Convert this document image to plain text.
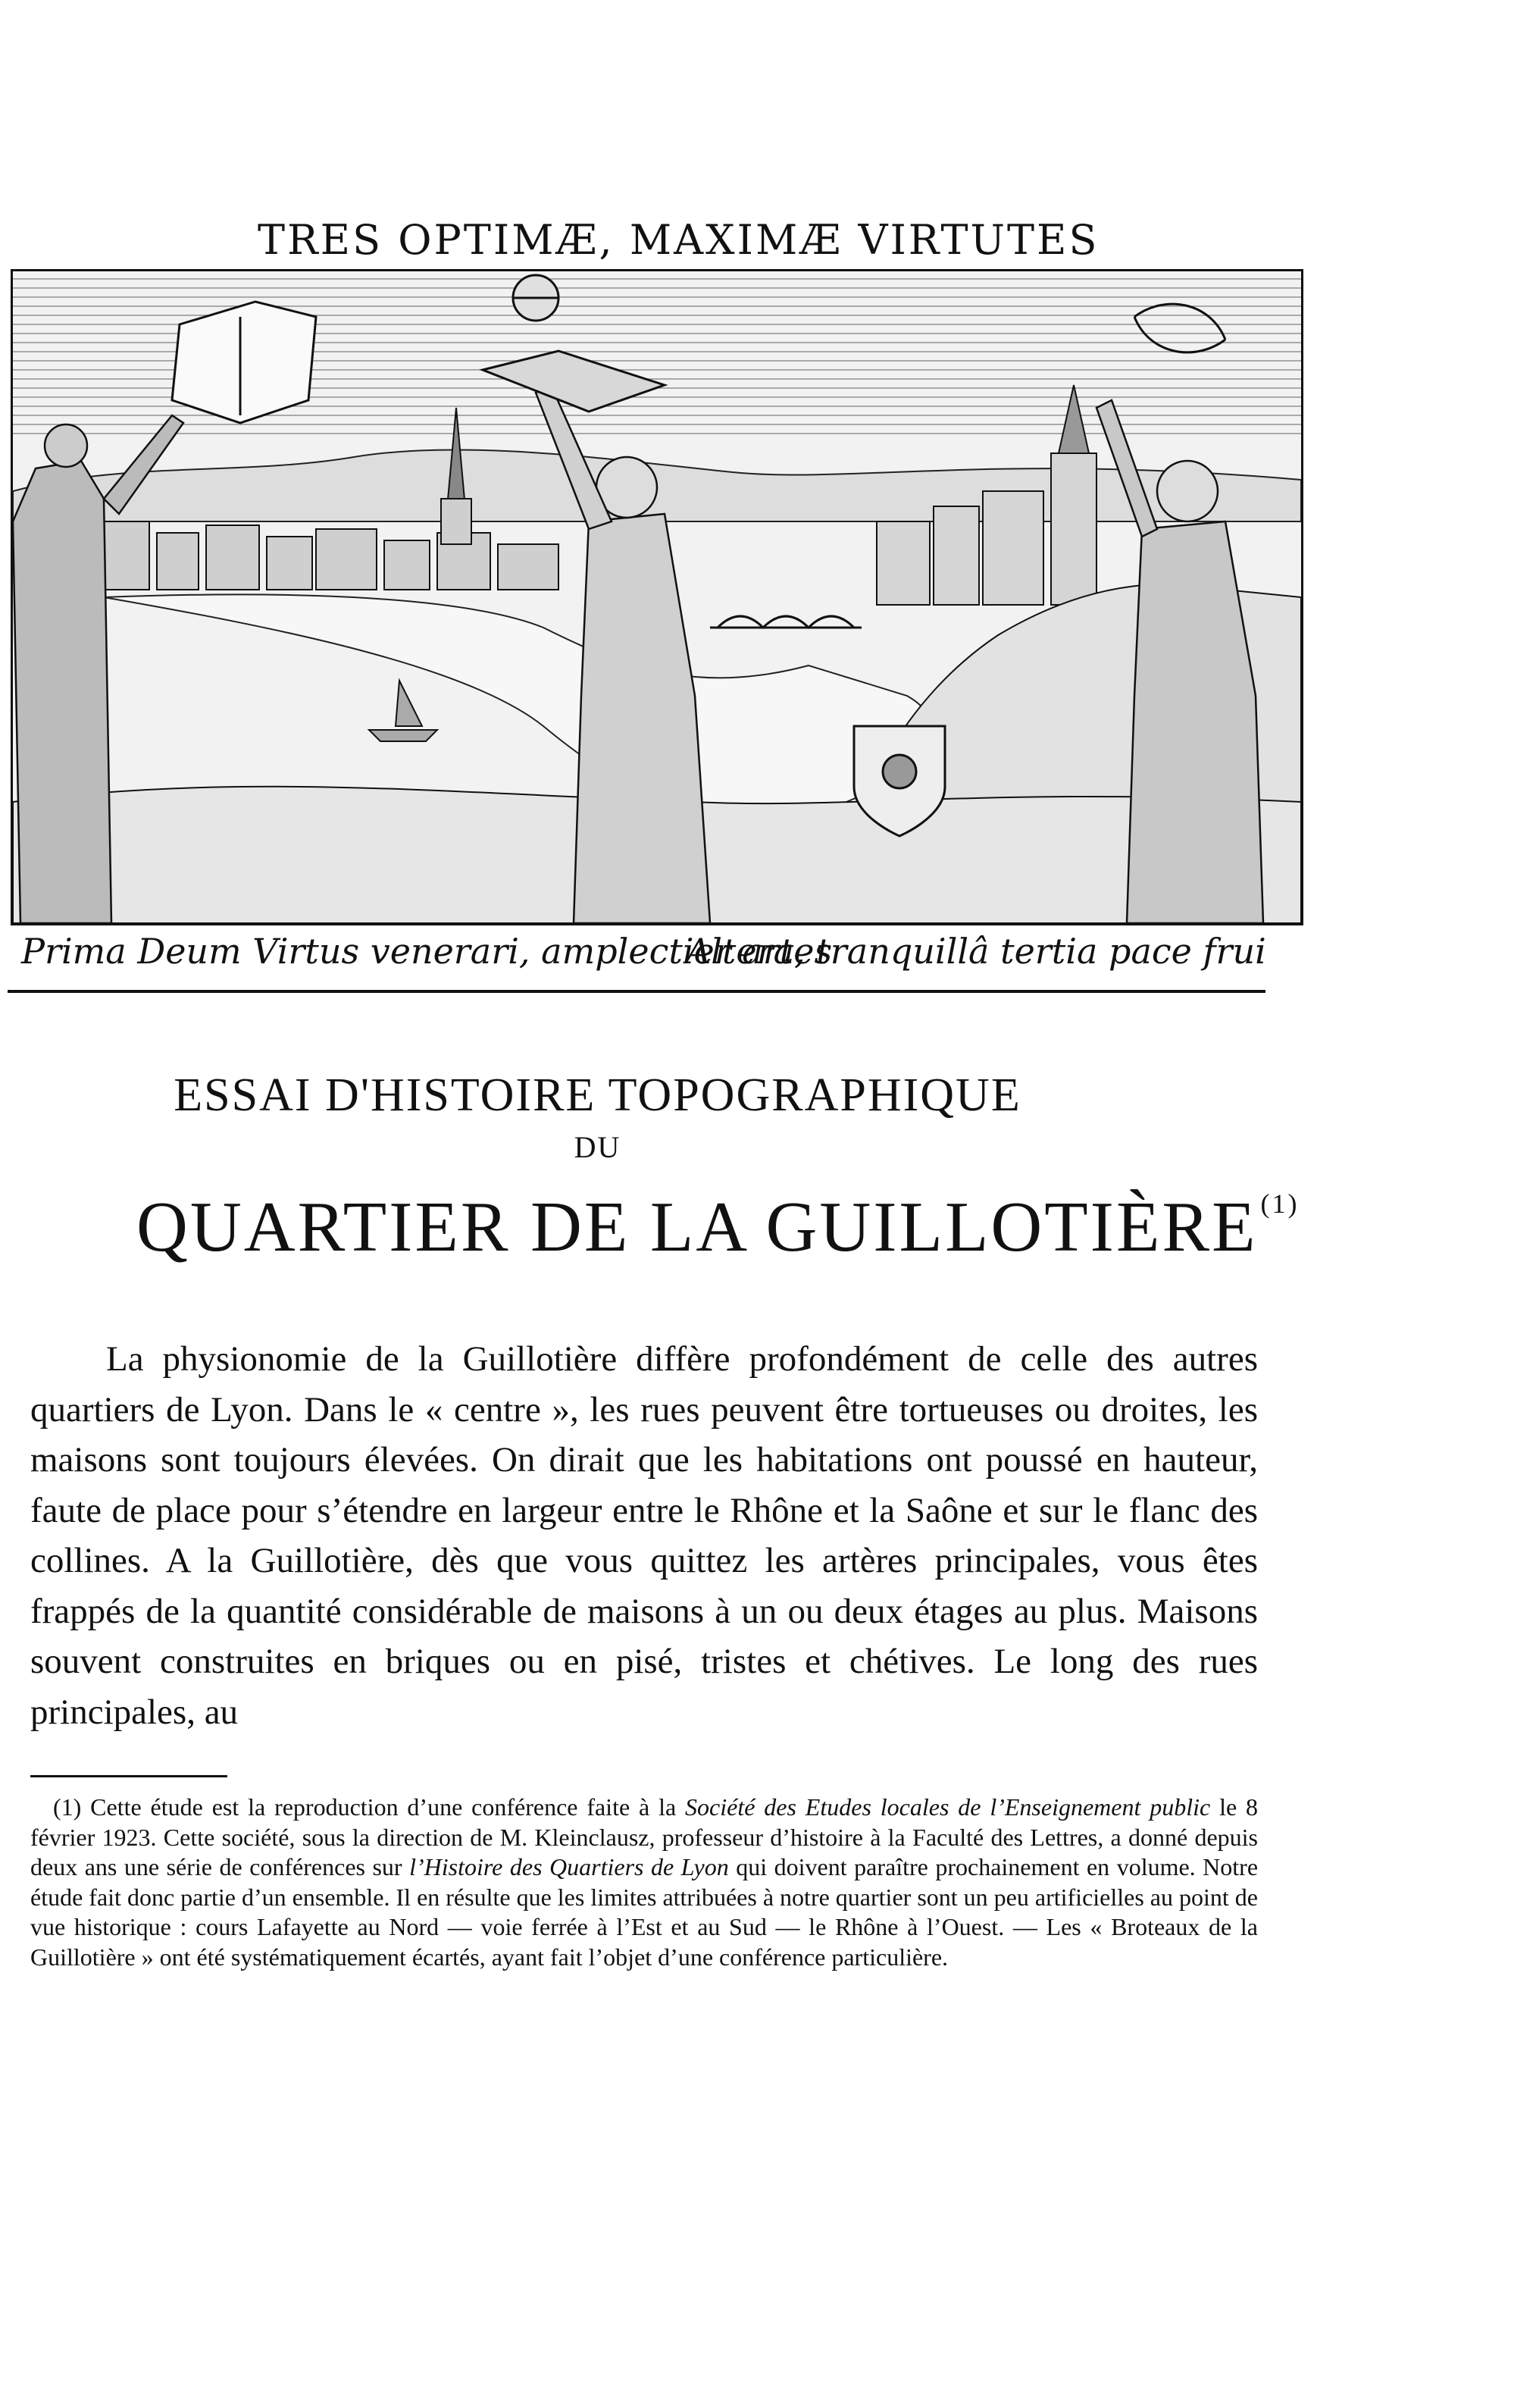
TRES OPTIMÆ, MAXIMÆ VIRTUTES
Prima Deum Virtus venerari, amplectier artes
Altera, tranquillâ tertia pace frui
ESSAI D'HISTOIRE TOPOGRAPHIQUE
DU
QUARTIER DE LA GUILLOTIÈRE $^{(1)}$

La physionomie de la Guillotière diffère profondément de celle des autres quartiers de Lyon. Dans le « centre », les rues peuvent être tortueuses ou droites, les maisons sont toujours élevées. On dirait que les habitations ont poussé en hauteur, faute de place pour s’étendre en largeur entre le Rhône et la Saône et sur le flanc des collines. A la Guillotière, dès que vous quittez les artères principales, vous êtes frappés de la quantité considérable de maisons à un ou deux étages au plus. Maisons souvent construites en briques ou en pisé, tristes et chétives. Le long des rues principales, au

(1) Cette étude est la reproduction d’une conférence faite à la Société des Etudes locales de l’Enseignement public le 8 février 1923. Cette société, sous la direction de M. Kleinclausz, professeur d’histoire à la Faculté des Lettres, a donné depuis deux ans une série de conférences sur l’Histoire des Quartiers de Lyon qui doivent paraître prochainement en volume. Notre étude fait donc partie d’un ensemble. Il en résulte que les limites attribuées à notre quartier sont un peu artificielles au point de vue historique : cours Lafayette au Nord — voie ferrée à l’Est et au Sud — le Rhône à l’Ouest. — Les « Broteaux de la Guillotière » ont été systématiquement écartés, ayant fait l’objet d’une conférence particulière.
